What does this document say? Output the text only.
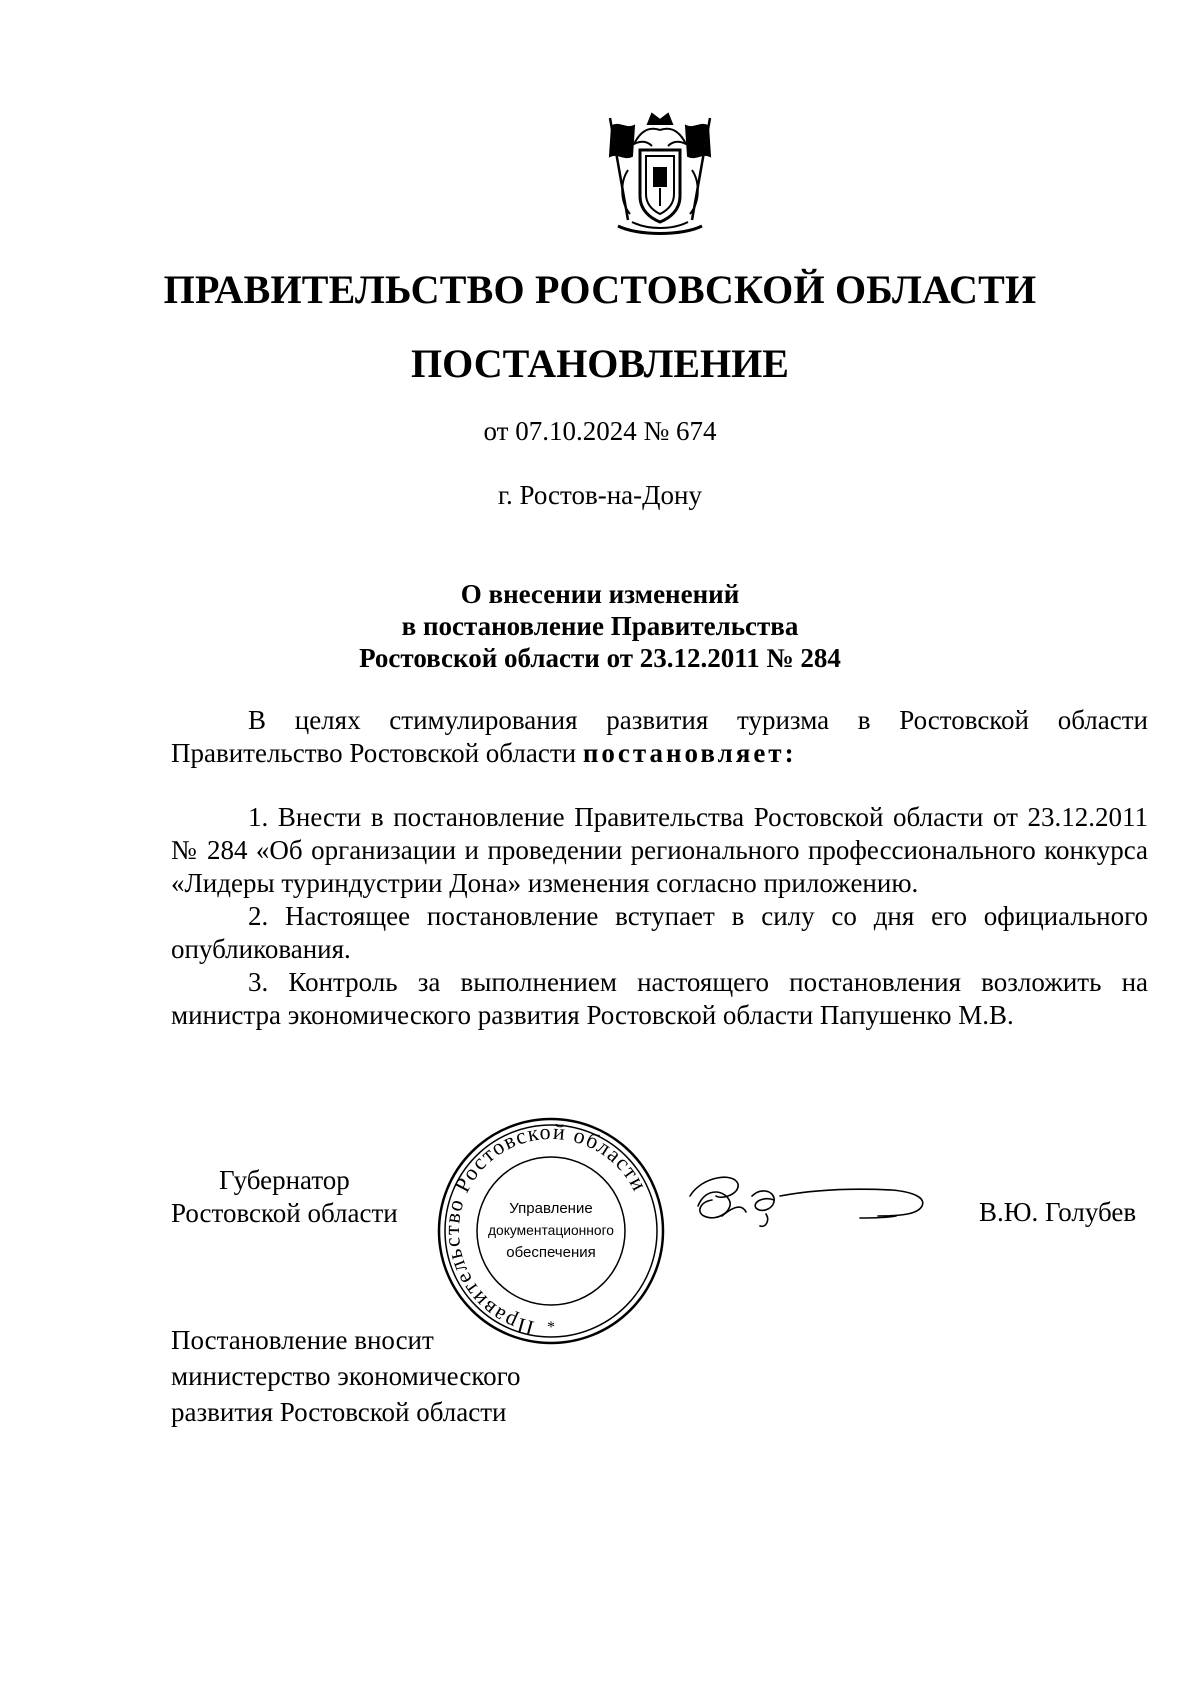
ПРАВИТЕЛЬСТВО РОСТОВСКОЙ ОБЛАСТИ
ПОСТАНОВЛЕНИЕ
от 07.10.2024 № 674
г. Ростов-на-Дону
О внесении изменений
в постановление Правительства
Ростовской области от 23.12.2011 № 284

В целях стимулирования развития туризма в Ростовской области Правительство Ростовской области постановляет:

1. Внести в постановление Правительства Ростовской области от 23.12.2011 № 284 «Об организации и проведении регионального профессионального конкурса «Лидеры туриндустрии Дона» изменения согласно приложению.

2. Настоящее постановление вступает в силу со дня его официального опубликования.

3. Контроль за выполнением настоящего постановления возложить на министра экономического развития Ростовской области Папушенко М.В.

Губернатор
Ростовской области
Правительство Ростовской области
Управление
документационного
обеспечения
*
В.Ю. Голубев
Постановление вносит
министерство экономического
развития Ростовской области
